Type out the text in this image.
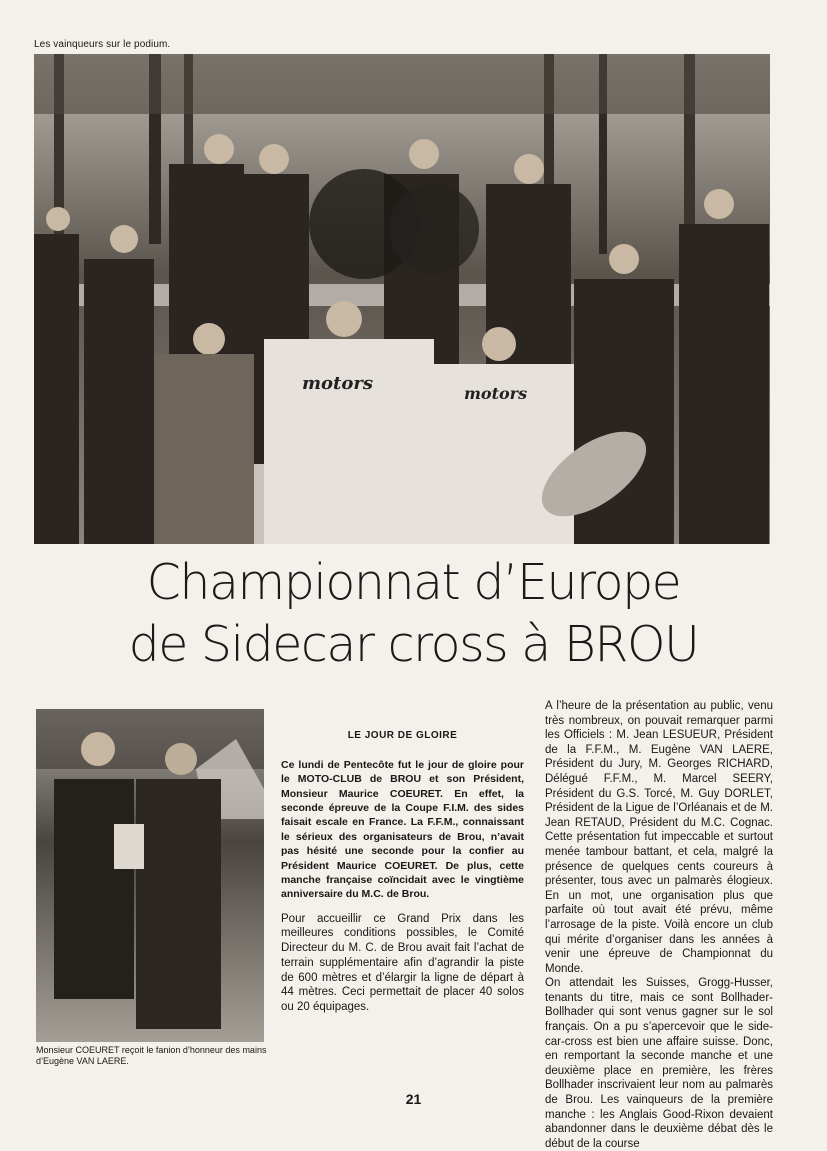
Les vainqueurs sur le podium.
motors	motors
Championnat d’Europe
de Sidecar cross à BROU
Monsieur COEURET reçoit le fanion d’honneur des mains d’Eugène VAN LAERE.
LE JOUR DE GLOIRE

Ce lundi de Pentecôte fut le jour de gloire pour le MOTO-CLUB de BROU et son Président, Monsieur Maurice COEURET. En effet, la seconde épreuve de la Coupe F.I.M. des sides faisait escale en France. La F.F.M., connaissant le sérieux des organisateurs de Brou, n’avait pas hésité une seconde pour la confier au Président Maurice COEURET. De plus, cette manche française coïncidait avec le vingtième anniversaire du M.C. de Brou.

Pour accueillir ce Grand Prix dans les meilleures conditions possibles, le Comité Directeur du M. C. de Brou avait fait l’achat de terrain supplémentaire afin d’agrandir la piste de 600 mètres et d’élargir la ligne de départ à 44 mètres. Ceci permettait de placer 40 solos ou 20 équipages.

A l’heure de la présentation au public, venu très nombreux, on pouvait remarquer parmi les Officiels : M. Jean LESUEUR, Président de la F.F.M., M. Eugène VAN LAERE, Président du Jury, M. Georges RICHARD, Délégué F.F.M., M. Marcel SEERY, Président du G.S. Torcé, M. Guy DORLET, Président de la Ligue de l’Orléanais et de M. Jean RETAUD, Président du M.C. Cognac. Cette présentation fut impeccable et surtout menée tambour battant, et cela, malgré la présence de quelques cents coureurs à présenter, tous avec un palmarès élogieux. En un mot, une organisation plus que parfaite où tout avait été prévu, même l’arrosage de la piste. Voilà encore un club qui mérite d’organiser dans les années à venir une épreuve de Championnat du Monde.

On attendait les Suisses, Grogg-Husser, tenants du titre, mais ce sont Bollhader-Bollhader qui sont venus gagner sur le sol français. On a pu s’apercevoir que le side-car-cross est bien une affaire suisse. Donc, en remportant la seconde manche et une deuxième place en première, les frères Bollhader inscrivaient leur nom au palmarès de Brou. Les vainqueurs de la première manche : les Anglais Good-Rixon devaient abandonner dans le deuxième débat dès le début de la course

21
